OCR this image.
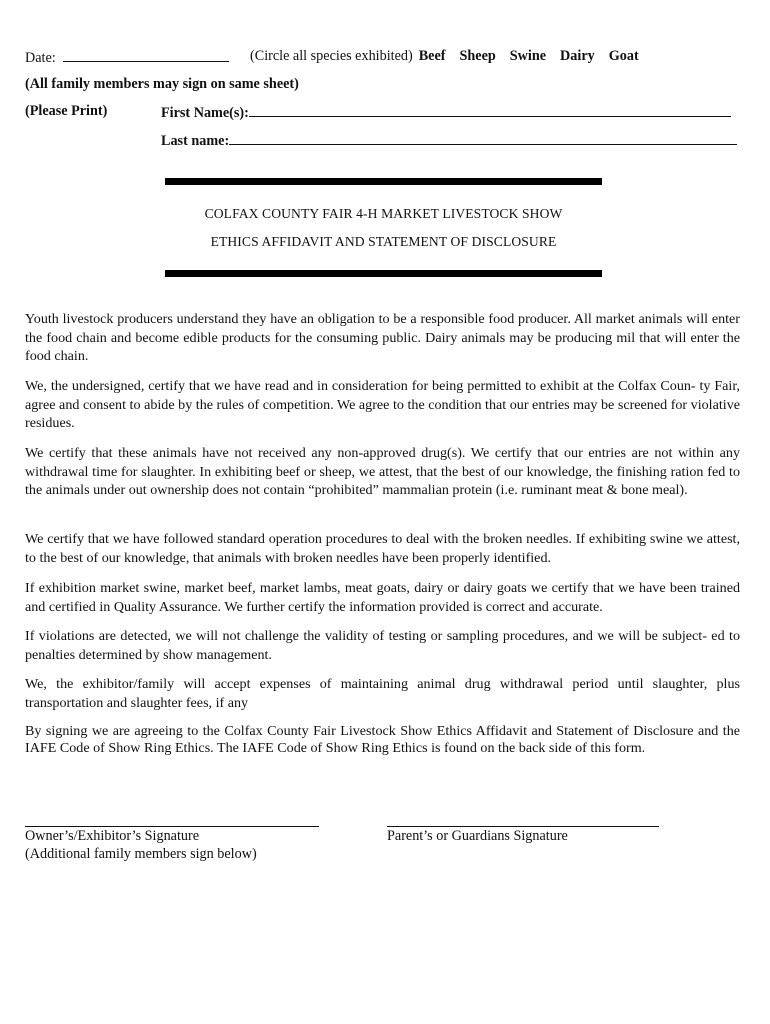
Date:	(Circle all species exhibited) Beef Sheep Swine Dairy Goat
(All family members may sign on same sheet)
(Please Print)	First Name(s):
Last name:
COLFAX COUNTY FAIR 4-H MARKET LIVESTOCK SHOW
ETHICS AFFIDAVIT AND STATEMENT OF DISCLOSURE

Youth livestock producers understand they have an obligation to be a responsible food producer. All market animals will enter the food chain and become edible products for the consuming public. Dairy animals may be producing mil that will enter the food chain.

We, the undersigned, certify that we have read and in consideration for being permitted to exhibit at the Colfax Coun- ty Fair, agree and consent to abide by the rules of competition. We agree to the condition that our entries may be screened for violative residues.

We certify that these animals have not received any non-approved drug(s). We certify that our entries are not within any withdrawal time for slaughter. In exhibiting beef or sheep, we attest, that the best of our knowledge, the finishing ration fed to the animals under out ownership does not contain “prohibited” mammalian protein (i.e. ruminant meat & bone meal).

We certify that we have followed standard operation procedures to deal with the broken needles. If exhibiting swine we attest, to the best of our knowledge, that animals with broken needles have been properly identified.

If exhibition market swine, market beef, market lambs, meat goats, dairy or dairy goats we certify that we have been trained and certified in Quality Assurance. We further certify the information provided is correct and accurate.

If violations are detected, we will not challenge the validity of testing or sampling procedures, and we will be subject- ed to penalties determined by show management.

We, the exhibitor/family will accept expenses of maintaining animal drug withdrawal period until slaughter, plus transportation and slaughter fees, if any

By signing we are agreeing to the Colfax County Fair Livestock Show Ethics Affidavit and Statement of Disclosure and the IAFE Code of Show Ring Ethics. The IAFE Code of Show Ring Ethics is found on the back side of this form.

Owner’s/Exhibitor’s Signature
(Additional family members sign below)
Parent’s or Guardians Signature
